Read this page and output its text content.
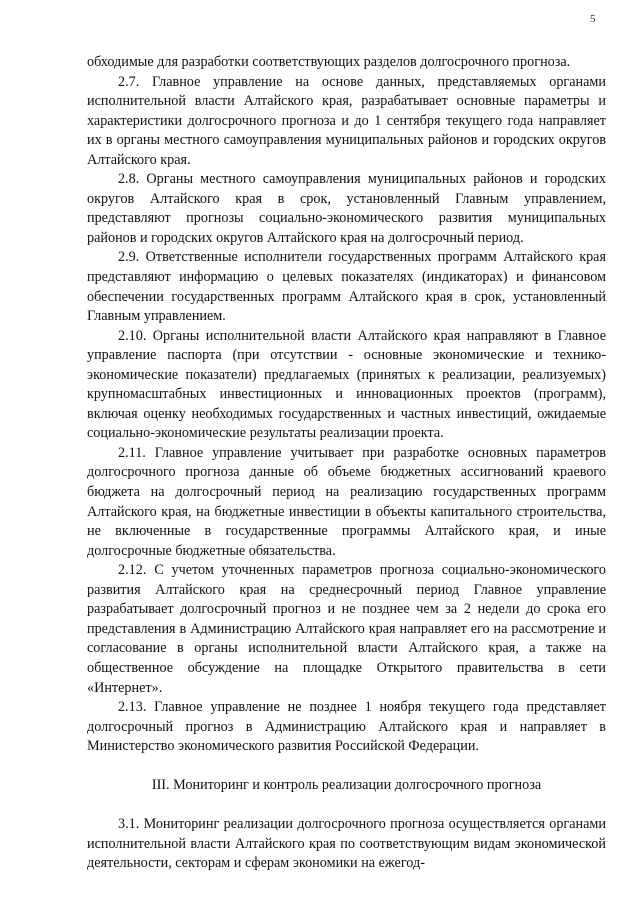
5

обходимые для разработки соответствующих разделов долгосрочного прогноза.

2.7. Главное управление на основе данных, представляемых органами исполнительной власти Алтайского края, разрабатывает основные параметры и характеристики долгосрочного прогноза и до 1 сентября текущего года направляет их в органы местного самоуправления муниципальных районов и городских округов Алтайского края.

2.8. Органы местного самоуправления муниципальных районов и городских округов Алтайского края в срок, установленный Главным управлением, представляют прогнозы социально-экономического развития муниципальных районов и городских округов Алтайского края на долгосрочный период.

2.9. Ответственные исполнители государственных программ Алтайского края представляют информацию о целевых показателях (индикаторах) и финансовом обеспечении государственных программ Алтайского края в срок, установленный Главным управлением.

2.10. Органы исполнительной власти Алтайского края направляют в Главное управление паспорта (при отсутствии - основные экономические и технико-экономические показатели) предлагаемых (принятых к реализации, реализуемых) крупномасштабных инвестиционных и инновационных проектов (программ), включая оценку необходимых государственных и частных инвестиций, ожидаемые социально-экономические результаты реализации проекта.

2.11. Главное управление учитывает при разработке основных параметров долгосрочного прогноза данные об объеме бюджетных ассигнований краевого бюджета на долгосрочный период на реализацию государственных программ Алтайского края, на бюджетные инвестиции в объекты капитального строительства, не включенные в государственные программы Алтайского края, и иные долгосрочные бюджетные обязательства.

2.12. С учетом уточненных параметров прогноза социально-экономического развития Алтайского края на среднесрочный период Главное управление разрабатывает долгосрочный прогноз и не позднее чем за 2 недели до срока его представления в Администрацию Алтайского края направляет его на рассмотрение и согласование в органы исполнительной власти Алтайского края, а также на общественное обсуждение на площадке Открытого правительства в сети «Интернет».

2.13. Главное управление не позднее 1 ноября текущего года представляет долгосрочный прогноз в Администрацию Алтайского края и направляет в Министерство экономического развития Российской Федерации.

III. Мониторинг и контроль реализации долгосрочного прогноза

3.1. Мониторинг реализации долгосрочного прогноза осуществляется органами исполнительной власти Алтайского края по соответствующим видам экономической деятельности, секторам и сферам экономики на ежегод-
